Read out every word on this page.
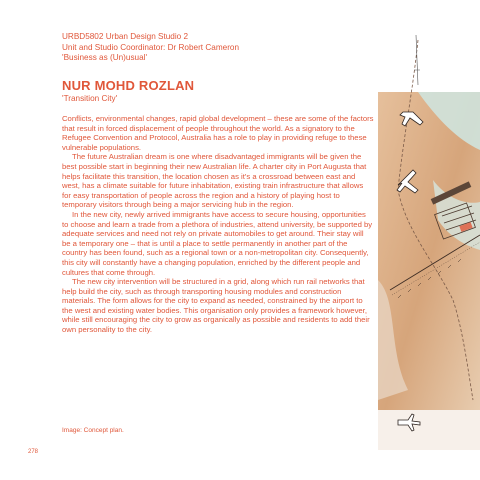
URBD5802 Urban Design Studio 2
Unit and Studio Coordinator: Dr Robert Cameron
'Business as (Un)usual'
NUR MOHD ROZLAN
'Transition City'

Conflicts, environmental changes, rapid global development – these are some of the factors that result in forced displacement of people throughout the world. As a signatory to the Refugee Convention and Protocol, Australia has a role to play in providing refuge to these vulnerable populations.

The future Australian dream is one where disadvantaged immigrants will be given the best possible start in beginning their new Australian life. A charter city in Port Augusta that helps facilitate this transition, the location chosen as it's a crossroad between east and west, has a climate suitable for future inhabitation, existing train infrastructure that allows for easy transportation of people across the region and a history of playing host to temporary visitors through being a major servicing hub in the region.

In the new city, newly arrived immigrants have access to secure housing, opportunities to choose and learn a trade from a plethora of industries, attend university, be supported by adequate services and need not rely on private automobiles to get around. Their stay will be a temporary one – that is until a place to settle permanently in another part of the country has been found, such as a regional town or a non-metropolitan city. Consequently, this city will constantly have a changing population, enriched by the different people and cultures that come through.

The new city intervention will be structured in a grid, along which run rail networks that help build the city, such as through transporting housing modules and construction materials. The form allows for the city to expand as needed, constrained by the airport to the west and existing water bodies. This organisation only provides a framework however, while still encouraging the city to grow as organically as possible and residents to add their own personality to the city.

Image: Concept plan.
278
